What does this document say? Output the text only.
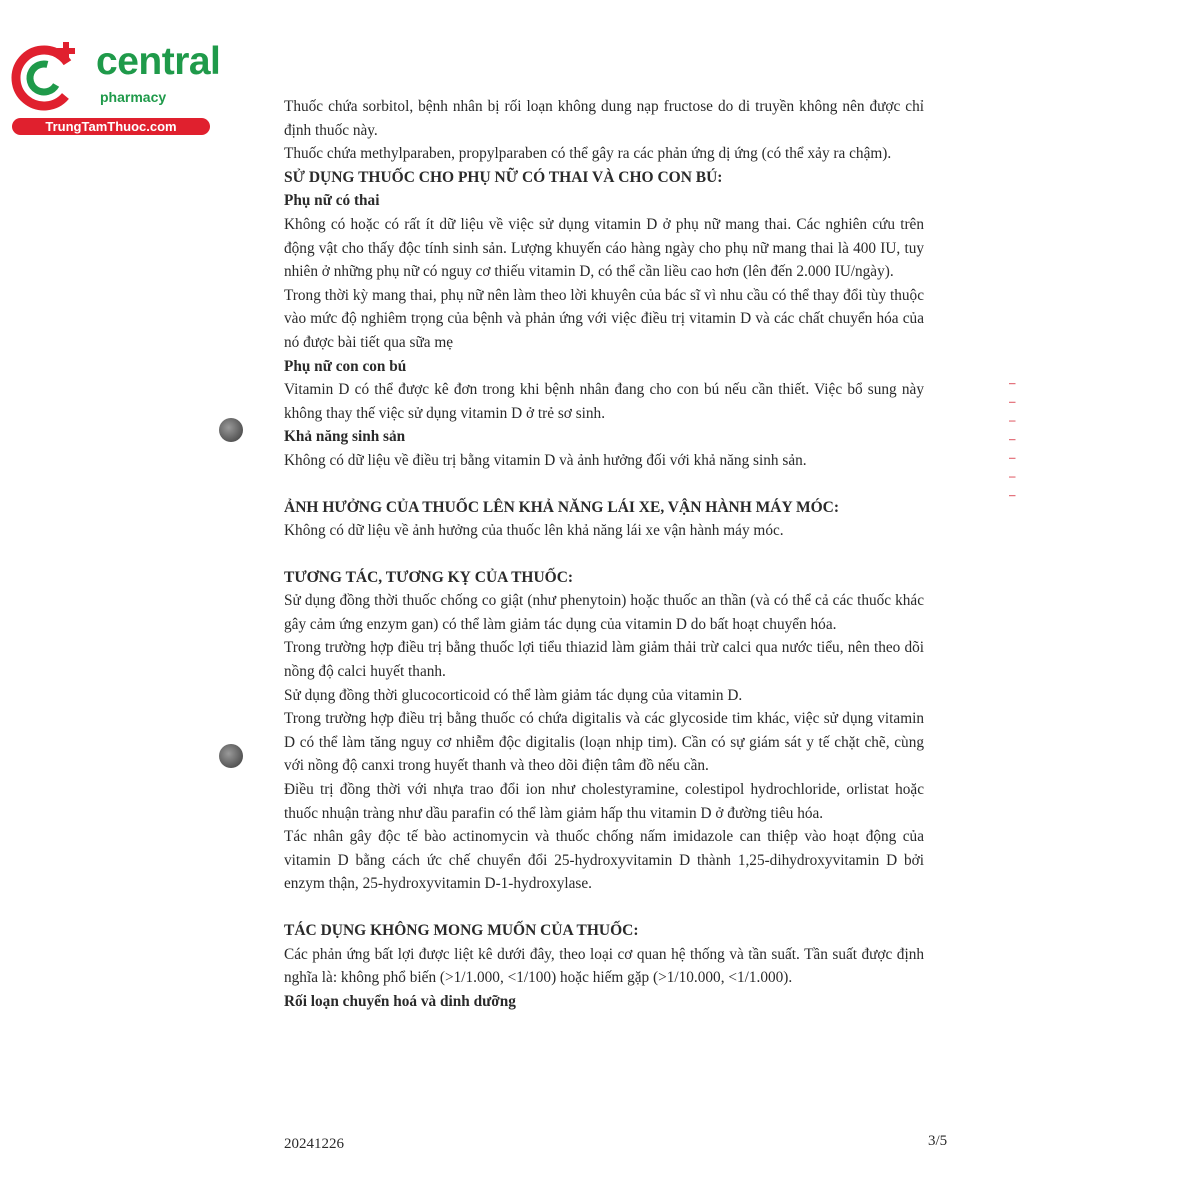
central
pharmacy
TrungTamThuoc.com
ı ı ı ı ı ı ı

Thuốc chứa sorbitol, bệnh nhân bị rối loạn không dung nạp fructose do di truyền không nên được chỉ định thuốc này.

Thuốc chứa methylparaben, propylparaben có thể gây ra các phản ứng dị ứng (có thể xảy ra chậm).

SỬ DỤNG THUỐC CHO PHỤ NỮ CÓ THAI VÀ CHO CON BÚ:

Phụ nữ có thai

Không có hoặc có rất ít dữ liệu về việc sử dụng vitamin D ở phụ nữ mang thai. Các nghiên cứu trên động vật cho thấy độc tính sinh sản. Lượng khuyến cáo hàng ngày cho phụ nữ mang thai là 400 IU, tuy nhiên ở những phụ nữ có nguy cơ thiếu vitamin D, có thể cần liều cao hơn (lên đến 2.000 IU/ngày).

Trong thời kỳ mang thai, phụ nữ nên làm theo lời khuyên của bác sĩ vì nhu cầu có thể thay đổi tùy thuộc vào mức độ nghiêm trọng của bệnh và phản ứng với việc điều trị vitamin D và các chất chuyển hóa của nó được bài tiết qua sữa mẹ

Phụ nữ con con bú

Vitamin D có thể được kê đơn trong khi bệnh nhân đang cho con bú nếu cần thiết. Việc bổ sung này không thay thế việc sử dụng vitamin D ở trẻ sơ sinh.

Khả năng sinh sản

Không có dữ liệu về điều trị bằng vitamin D và ảnh hưởng đối với khả năng sinh sản.

ẢNH HƯỞNG CỦA THUỐC LÊN KHẢ NĂNG LÁI XE, VẬN HÀNH MÁY MÓC:

Không có dữ liệu về ảnh hưởng của thuốc lên khả năng lái xe vận hành máy móc.

TƯƠNG TÁC, TƯƠNG KỴ CỦA THUỐC:

Sử dụng đồng thời thuốc chống co giật (như phenytoin) hoặc thuốc an thần (và có thể cả các thuốc khác gây cảm ứng enzym gan) có thể làm giảm tác dụng của vitamin D do bất hoạt chuyển hóa.

Trong trường hợp điều trị bằng thuốc lợi tiểu thiazid làm giảm thải trừ calci qua nước tiểu, nên theo dõi nồng độ calci huyết thanh.

Sử dụng đồng thời glucocorticoid có thể làm giảm tác dụng của vitamin D.

Trong trường hợp điều trị bằng thuốc có chứa digitalis và các glycoside tim khác, việc sử dụng vitamin D có thể làm tăng nguy cơ nhiễm độc digitalis (loạn nhịp tim). Cần có sự giám sát y tế chặt chẽ, cùng với nồng độ canxi trong huyết thanh và theo dõi điện tâm đồ nếu cần.

Điều trị đồng thời với nhựa trao đổi ion như cholestyramine, colestipol hydrochloride, orlistat hoặc thuốc nhuận tràng như dầu parafin có thể làm giảm hấp thu vitamin D ở đường tiêu hóa.

Tác nhân gây độc tế bào actinomycin và thuốc chống nấm imidazole can thiệp vào hoạt động của vitamin D bằng cách ức chế chuyển đổi 25-hydroxyvitamin D thành 1,25-dihydroxyvitamin D bởi enzym thận, 25-hydroxyvitamin D-1-hydroxylase.

TÁC DỤNG KHÔNG MONG MUỐN CỦA THUỐC:

Các phản ứng bất lợi được liệt kê dưới đây, theo loại cơ quan hệ thống và tần suất. Tần suất được định nghĩa là: không phổ biến (>1/1.000, <1/100) hoặc hiếm gặp (>1/10.000, <1/1.000).

Rối loạn chuyển hoá và dinh dưỡng

20241226	3/5
